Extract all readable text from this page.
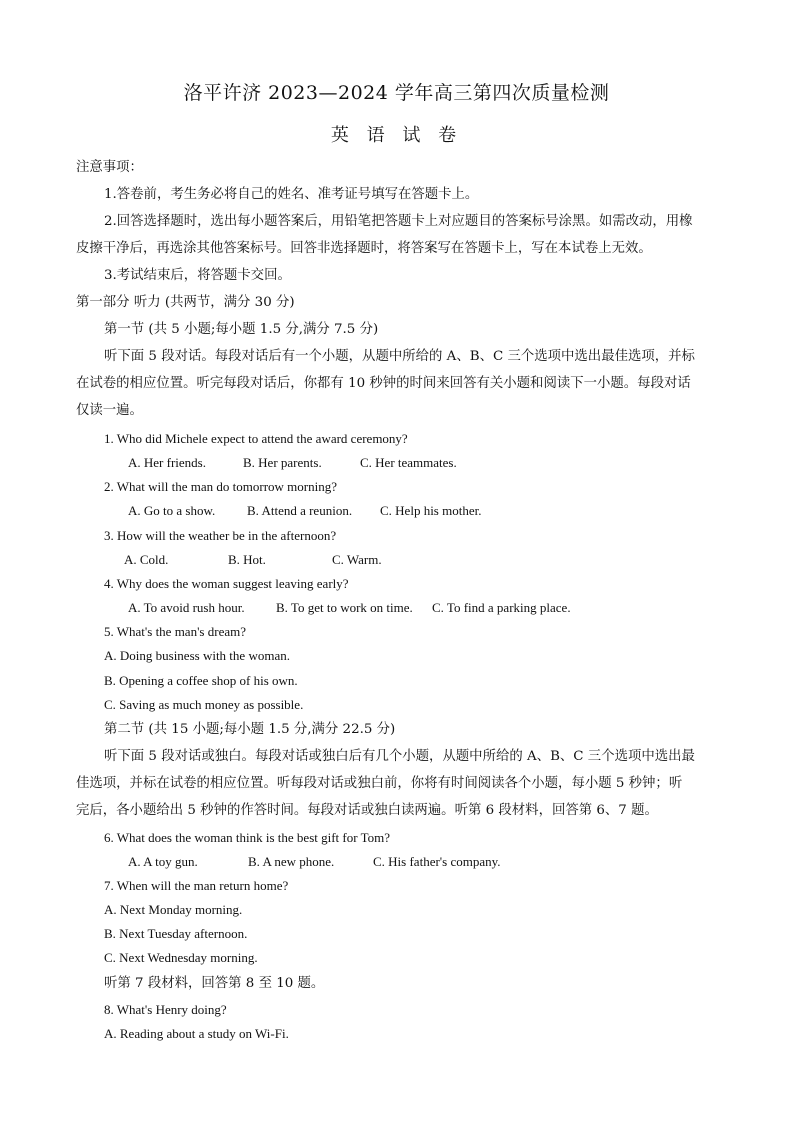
洛平许济 2023—2024 学年高三第四次质量检测
英 语 试 卷
注意事项：
1.答卷前，考生务必将自己的姓名、准考证号填写在答题卡上。
2.回答选择题时，选出每小题答案后，用铅笔把答题卡上对应题目的答案标号涂黑。如需改动，用橡
皮擦干净后，再选涂其他答案标号。回答非选择题时，将答案写在答题卡上，写在本试卷上无效。
3.考试结束后，将答题卡交回。
第一部分 听力 (共两节，满分 30 分)
第一节 (共 5 小题;每小题 1.5 分,满分 7.5 分)
听下面 5 段对话。每段对话后有一个小题，从题中所给的 A、B、C 三个选项中选出最佳选项，并标
在试卷的相应位置。听完每段对话后，你都有 10 秒钟的时间来回答有关小题和阅读下一小题。每段对话
仅读一遍。
1. Who did Michele expect to attend the award ceremony?
A. Her friends.	B. Her parents.	C. Her teammates.
2. What will the man do tomorrow morning?
A. Go to a show. B. Attend a reunion. C. Help his mother.
3. How will the weather be in the afternoon?
A. Cold.	B. Hot.	C. Warm.
4. Why does the woman suggest leaving early?
A. To avoid rush hour. B. To get to work on time. C. To find a parking place.
5. What's the man's dream?
A. Doing business with the woman.
B. Opening a coffee shop of his own.
C. Saving as much money as possible.
第二节 (共 15 小题;每小题 1.5 分,满分 22.5 分)
听下面 5 段对话或独白。每段对话或独白后有几个小题，从题中所给的 A、B、C 三个选项中选出最
佳选项，并标在试卷的相应位置。听每段对话或独白前，你将有时间阅读各个小题，每小题 5 秒钟；听
完后，各小题给出 5 秒钟的作答时间。每段对话或独白读两遍。听第 6 段材料，回答第 6、7 题。
6. What does the woman think is the best gift for Tom?
A. A toy gun.	B. A new phone.	C. His father's company.
7. When will the man return home?
A. Next Monday morning.
B. Next Tuesday afternoon.
C. Next Wednesday morning.
听第 7 段材料，回答第 8 至 10 题。
8. What's Henry doing?
A. Reading about a study on Wi-Fi.
